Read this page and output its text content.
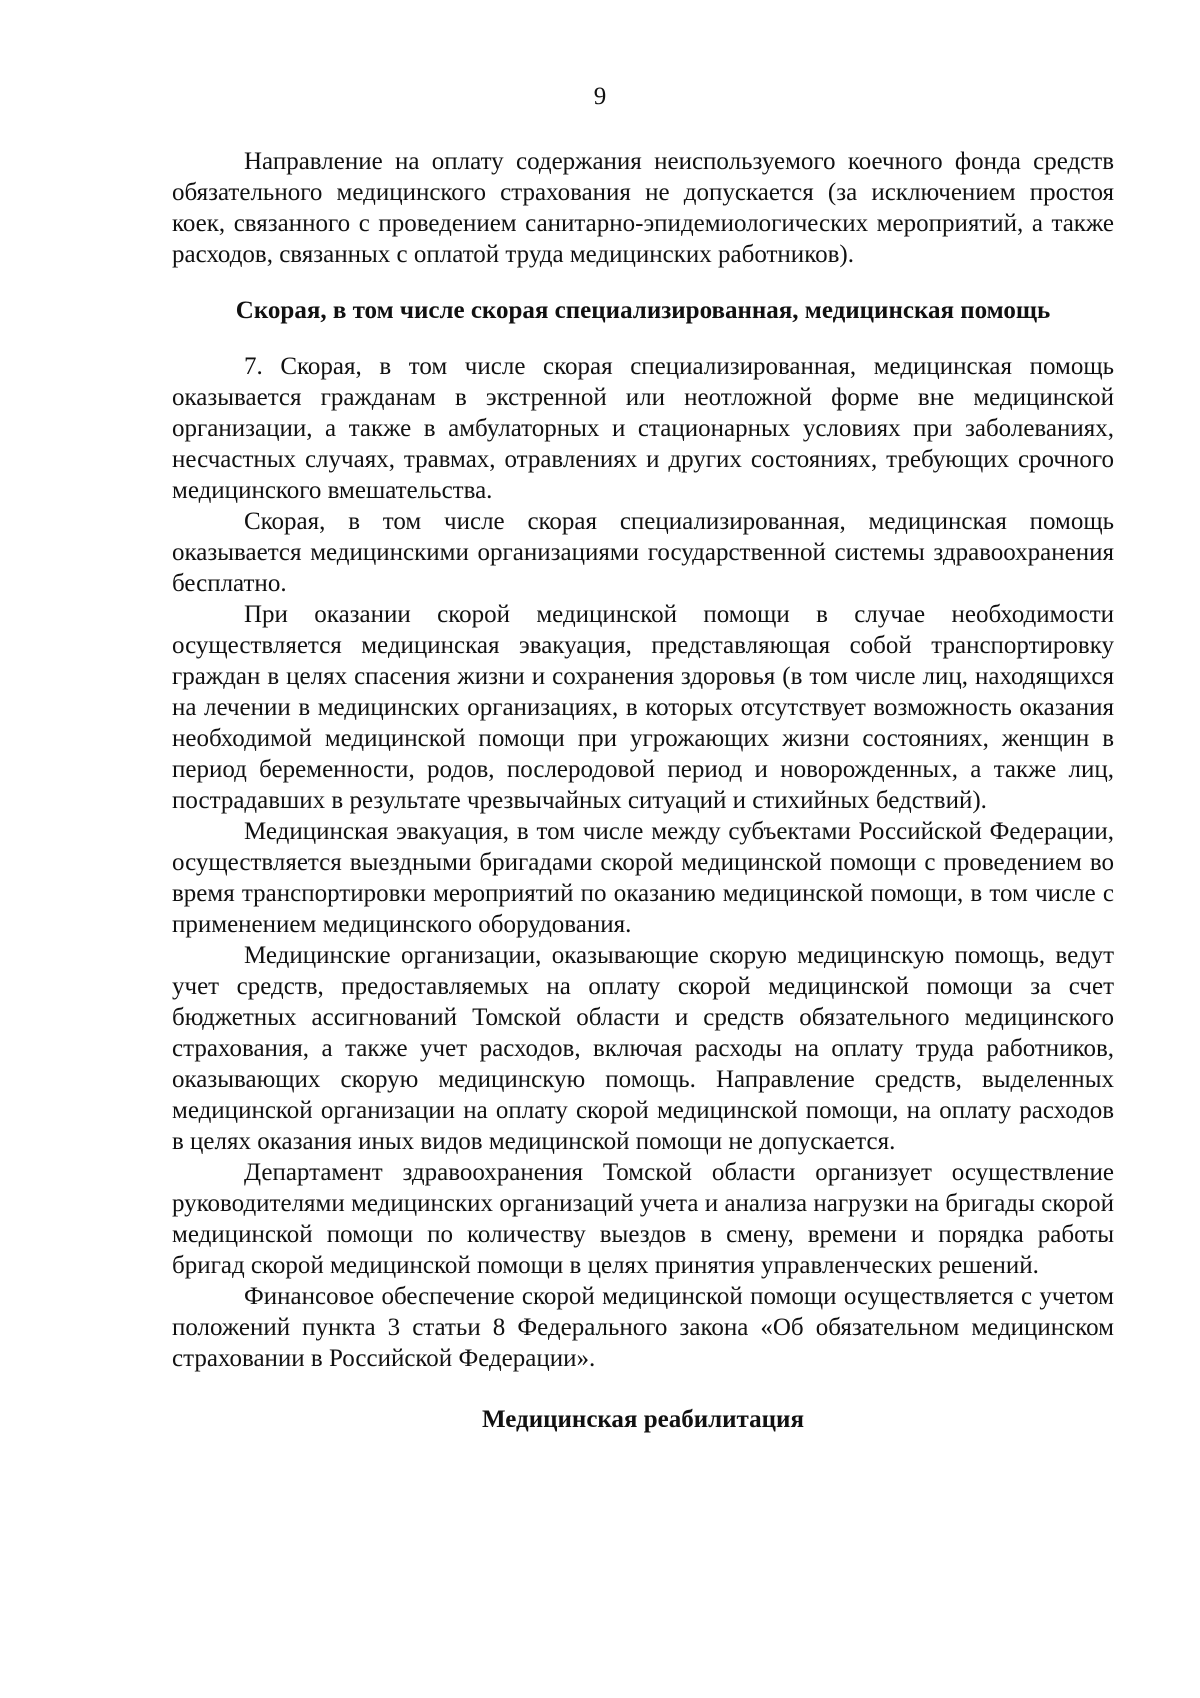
9

Направление на оплату содержания неиспользуемого коечного фонда средств обязательного медицинского страхования не допускается (за исключением простоя коек, связанного с проведением санитарно-эпидемиологических мероприятий, а также расходов, связанных с оплатой труда медицинских работников).

Скорая, в том числе скорая специализированная, медицинская помощь

7. Скорая, в том числе скорая специализированная, медицинская помощь оказывается гражданам в экстренной или неотложной форме вне медицинской организации, а также в амбулаторных и стационарных условиях при заболеваниях, несчастных случаях, травмах, отравлениях и других состояниях, требующих срочного медицинского вмешательства.

Скорая, в том числе скорая специализированная, медицинская помощь оказывается медицинскими организациями государственной системы здравоохранения бесплатно.

При оказании скорой медицинской помощи в случае необходимости осуществляется медицинская эвакуация, представляющая собой транспортировку граждан в целях спасения жизни и сохранения здоровья (в том числе лиц, находящихся на лечении в медицинских организациях, в которых отсутствует возможность оказания необходимой медицинской помощи при угрожающих жизни состояниях, женщин в период беременности, родов, послеродовой период и новорожденных, а также лиц, пострадавших в результате чрезвычайных ситуаций и стихийных бедствий).

Медицинская эвакуация, в том числе между субъектами Российской Федерации, осуществляется выездными бригадами скорой медицинской помощи с проведением во время транспортировки мероприятий по оказанию медицинской помощи, в том числе с применением медицинского оборудования.

Медицинские организации, оказывающие скорую медицинскую помощь, ведут учет средств, предоставляемых на оплату скорой медицинской помощи за счет бюджетных ассигнований Томской области и средств обязательного медицинского страхования, а также учет расходов, включая расходы на оплату труда работников, оказывающих скорую медицинскую помощь. Направление средств, выделенных медицинской организации на оплату скорой медицинской помощи, на оплату расходов в целях оказания иных видов медицинской помощи не допускается.

Департамент здравоохранения Томской области организует осуществление руководителями медицинских организаций учета и анализа нагрузки на бригады скорой медицинской помощи по количеству выездов в смену, времени и порядка работы бригад скорой медицинской помощи в целях принятия управленческих решений.

Финансовое обеспечение скорой медицинской помощи осуществляется с учетом положений пункта 3 статьи 8 Федерального закона «Об обязательном медицинском страховании в Российской Федерации».

Медицинская реабилитация
